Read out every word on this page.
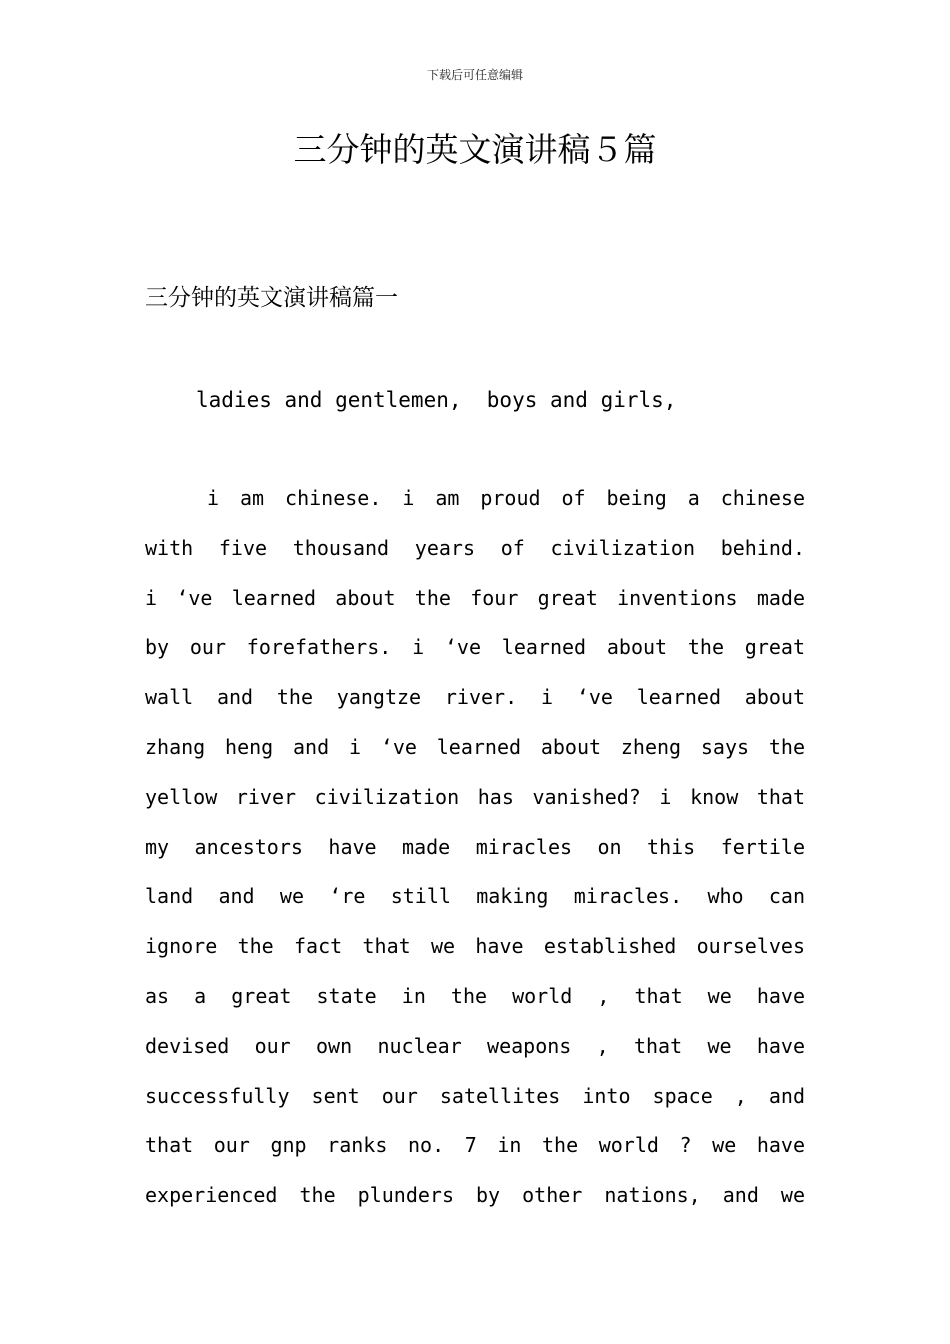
下载后可任意编辑
三分钟的英文演讲稿５篇
三分钟的英文演讲稿篇一
ladies and gentlemen,  boys and girls,
i am chinese. i am proud of being a chinese
with five thousand years of civilization behind.
i ‘ve learned about the four great inventions made
by our forefathers. i ‘ve learned about the great
wall and the yangtze river. i ‘ve learned about
zhang heng and i ‘ve learned about zheng says the
yellow river civilization has vanished? i know that
my ancestors have made miracles on this fertile
land and we ‘re still making miracles. who can
ignore the fact that we have established ourselves
as a great state in the world , that we have
devised our own nuclear weapons , that we have
successfully sent our satellites into space , and
that our gnp ranks no. 7 in the world ? we have
experienced the plunders by other nations, and we
